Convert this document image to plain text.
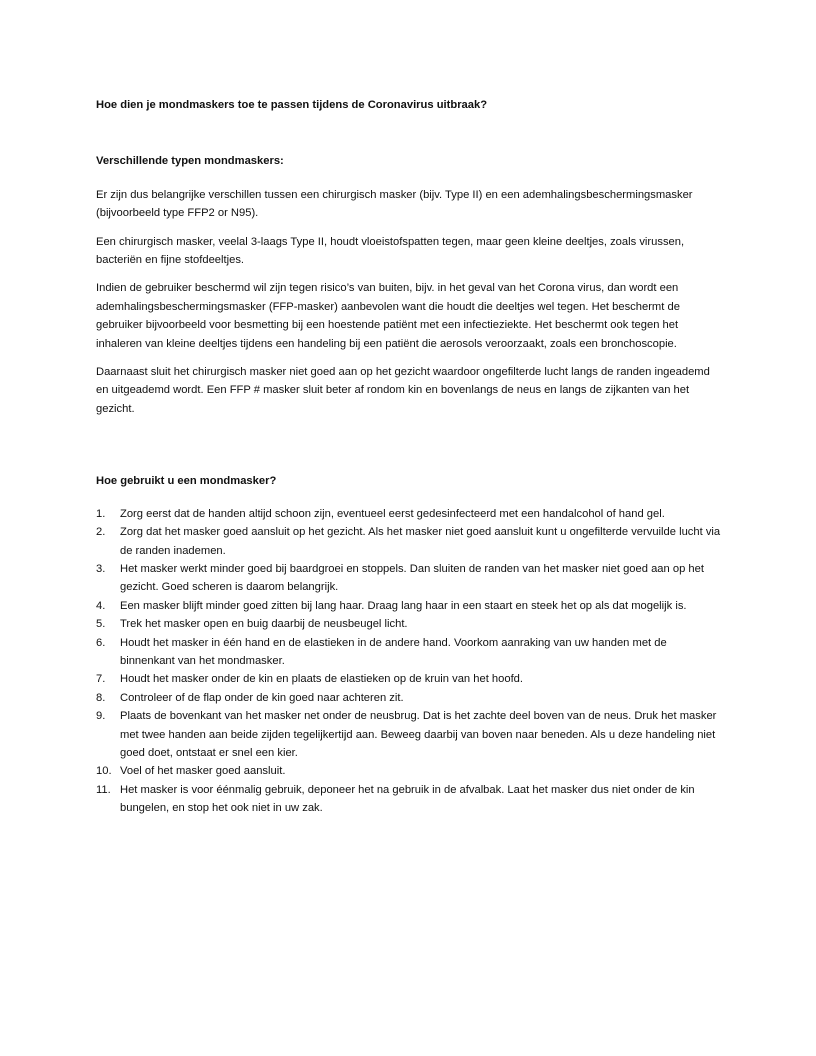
Hoe dien je mondmaskers toe te passen tijdens de Coronavirus uitbraak?
Verschillende typen mondmaskers:

Er zijn dus belangrijke verschillen tussen een chirurgisch masker (bijv. Type II) en een ademhalingsbeschermingsmasker (bijvoorbeeld type FFP2 or N95).

Een chirurgisch masker, veelal 3-laags Type II, houdt vloeistofspatten tegen, maar geen kleine deeltjes, zoals virussen, bacteriën en fijne stofdeeltjes.

Indien de gebruiker beschermd wil zijn tegen risico’s van buiten, bijv. in het geval van het Corona virus, dan wordt een ademhalingsbeschermingsmasker (FFP-masker) aanbevolen want die houdt die deeltjes wel tegen. Het beschermt de gebruiker bijvoorbeeld voor besmetting bij een hoestende patiënt met een infectieziekte. Het beschermt ook tegen het inhaleren van kleine deeltjes tijdens een handeling bij een patiënt die aerosols veroorzaakt, zoals een bronchoscopie.

Daarnaast sluit het chirurgisch masker niet goed aan op het gezicht waardoor ongefilterde lucht langs de randen ingeademd en uitgeademd wordt. Een FFP # masker sluit beter af rondom kin en bovenlangs de neus en langs de zijkanten van het gezicht.

Hoe gebruikt u een mondmasker?
1.	Zorg eerst dat de handen altijd schoon zijn, eventueel eerst gedesinfecteerd met een handalcohol of hand gel.
2.	Zorg dat het masker goed aansluit op het gezicht. Als het masker niet goed aansluit kunt u ongefilterde vervuilde lucht via de randen inademen.
3.	Het masker werkt minder goed bij baardgroei en stoppels. Dan sluiten de randen van het masker niet goed aan op het gezicht. Goed scheren is daarom belangrijk.
4.	Een masker blijft minder goed zitten bij lang haar. Draag lang haar in een staart en steek het op als dat mogelijk is.
5.	Trek het masker open en buig daarbij de neusbeugel licht.
6.	Houdt het masker in één hand en de elastieken in de andere hand. Voorkom aanraking van uw handen met de binnenkant van het mondmasker.
7.	Houdt het masker onder de kin en plaats de elastieken op de kruin van het hoofd.
8.	Controleer of de flap onder de kin goed naar achteren zit.
9.	Plaats de bovenkant van het masker net onder de neusbrug. Dat is het zachte deel boven van de neus. Druk het masker met twee handen aan beide zijden tegelijkertijd aan. Beweeg daarbij van boven naar beneden. Als u deze handeling niet goed doet, ontstaat er snel een kier.
10. Voel of het masker goed aansluit.
11. Het masker is voor éénmalig gebruik, deponeer het na gebruik in de afvalbak. Laat het masker dus niet onder de kin bungelen, en stop het ook niet in uw zak.
